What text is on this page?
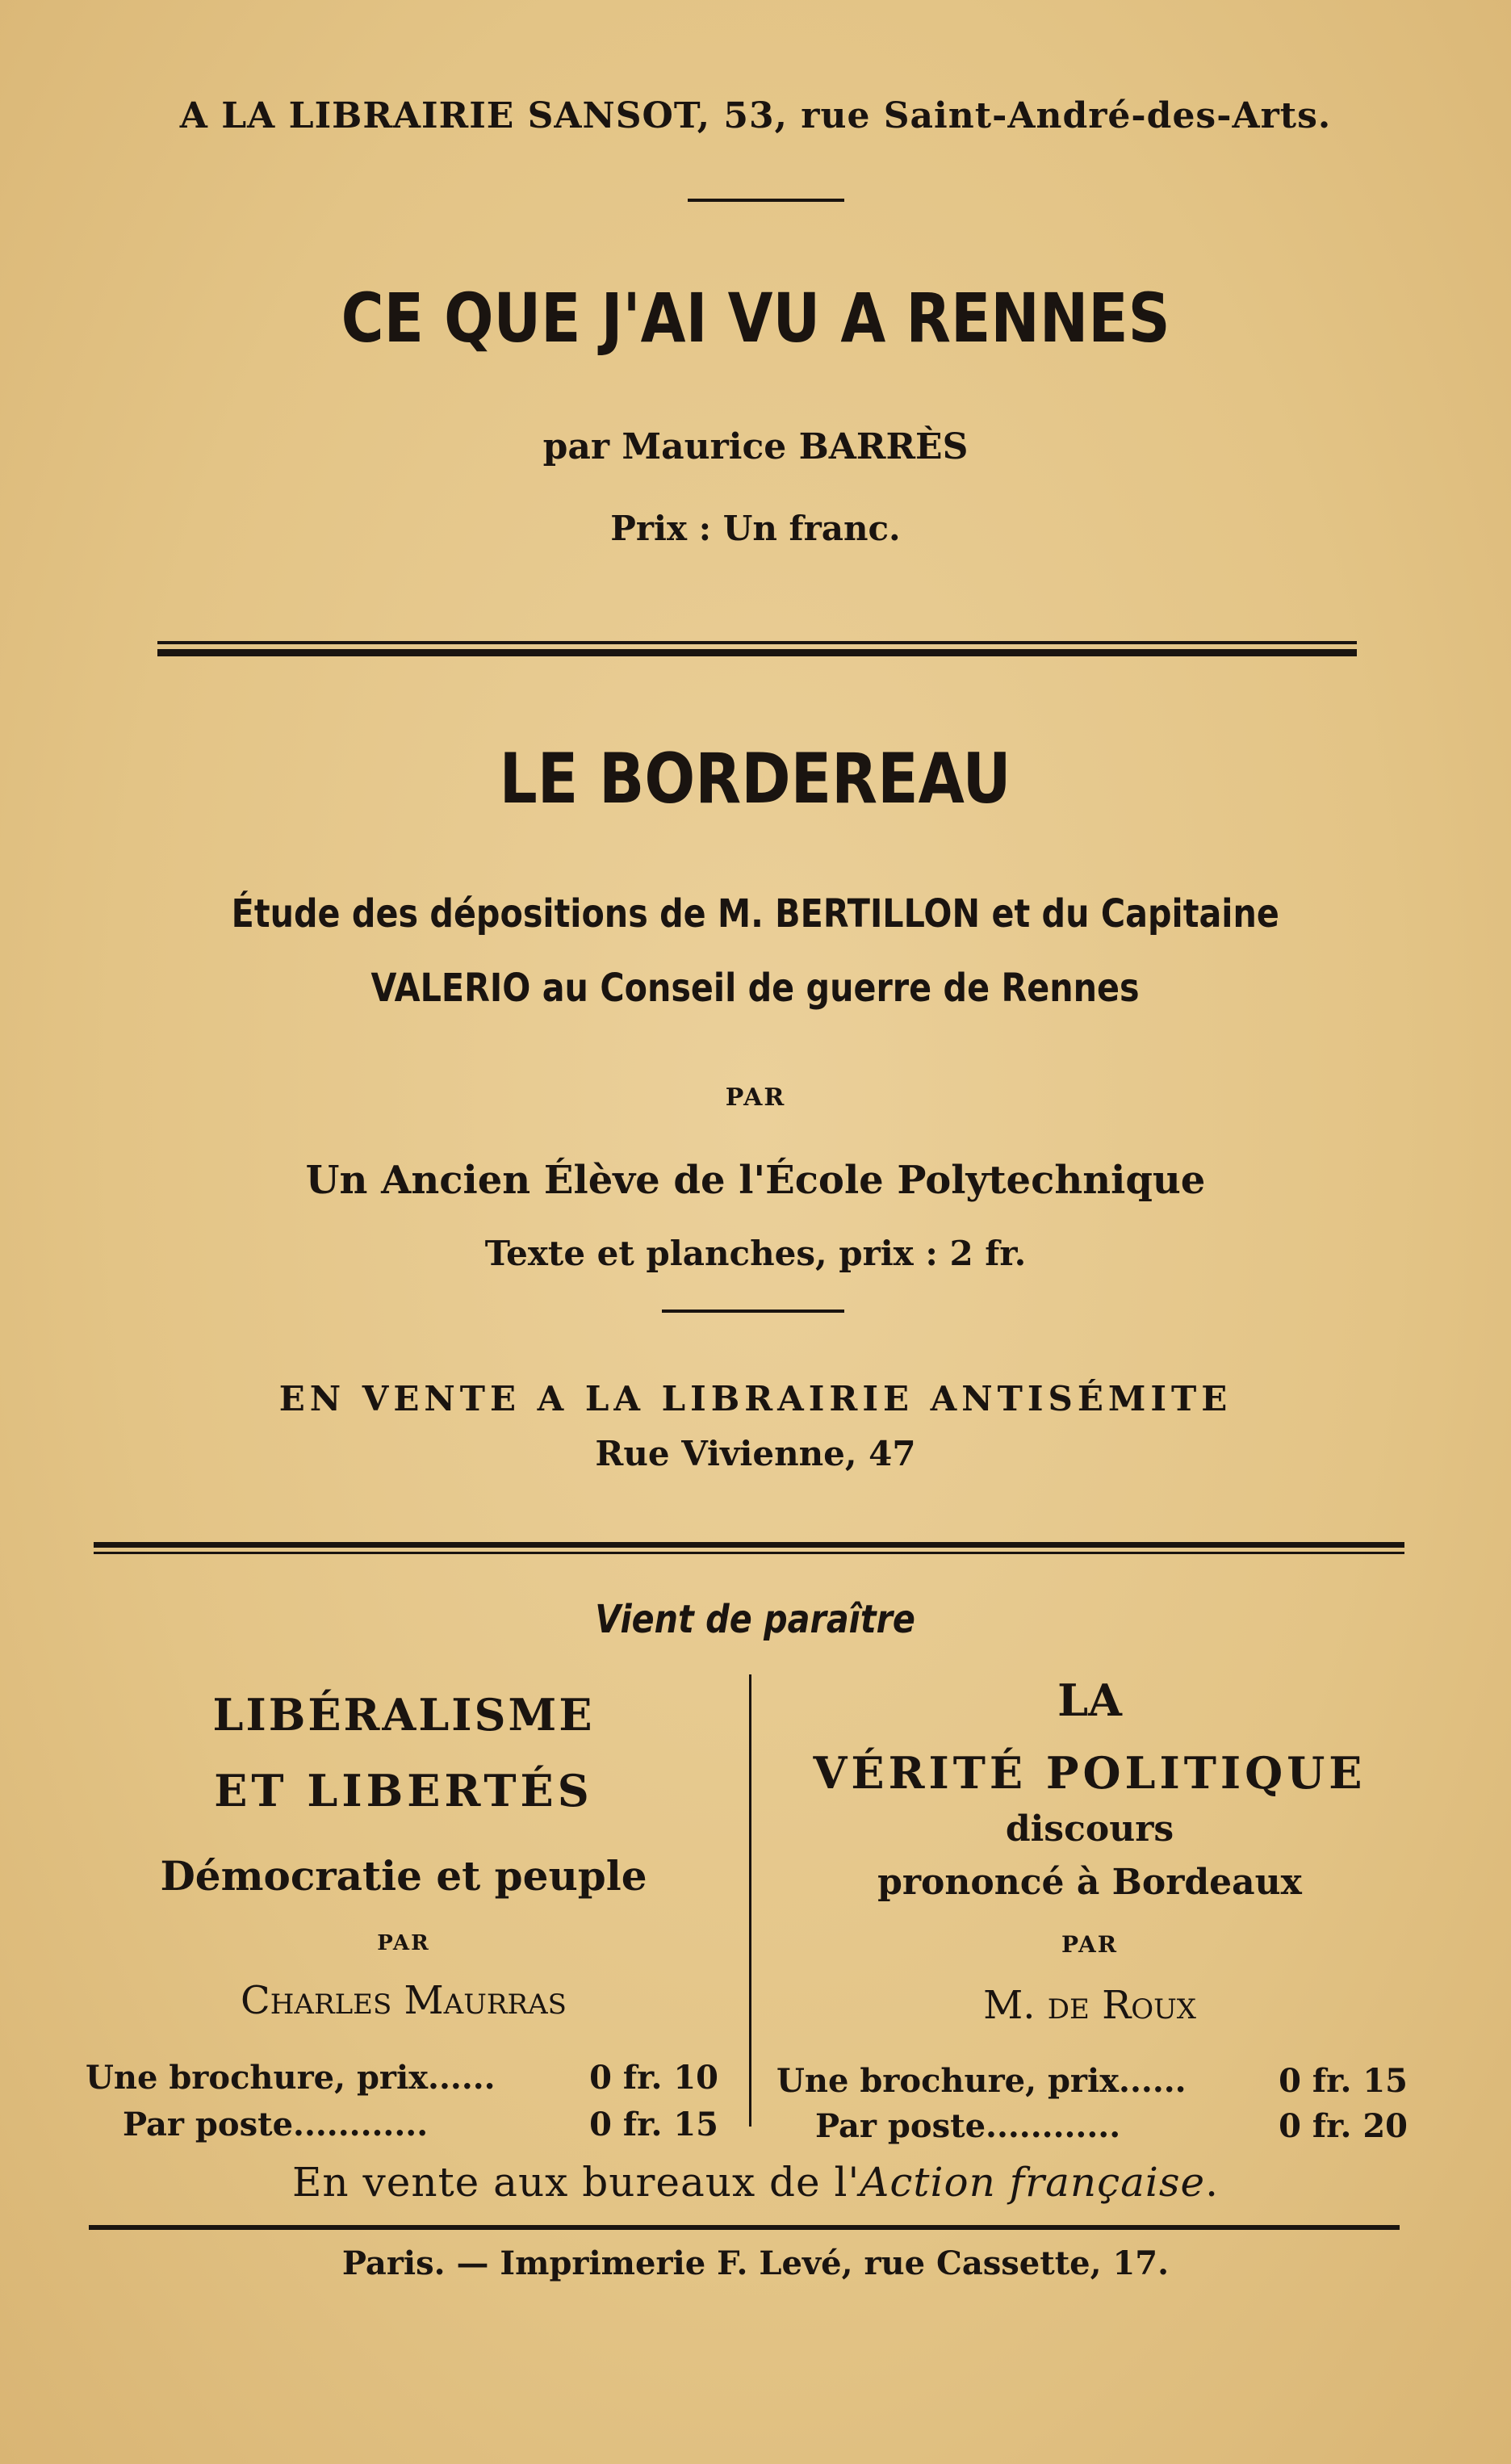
A LA LIBRAIRIE SANSOT, 53, rue Saint-André-des-Arts.
CE QUE J'AI VU A RENNES
par Maurice BARRÈS
Prix : Un franc.
LE BORDEREAU
Étude des dépositions de M. BERTILLON et du Capitaine
VALERIO au Conseil de guerre de Rennes
PAR
Un Ancien Élève de l'École Polytechnique
Texte et planches, prix : 2 fr.
EN VENTE A LA LIBRAIRIE ANTISÉMITE
Rue Vivienne, 47
Vient de paraître
LIBÉRALISME
ET LIBERTÉS
Démocratie et peuple
PAR
Charles Maurras
Une brochure, prix......	0 fr. 10
Par poste............	0 fr. 15
LA
VÉRITÉ POLITIQUE
discours
prononcé à Bordeaux
PAR
M. de Roux
Une brochure, prix......	0 fr. 15
Par poste............	0 fr. 20
En vente aux bureaux de l'Action française.
Paris. — Imprimerie F. Levé, rue Cassette, 17.
